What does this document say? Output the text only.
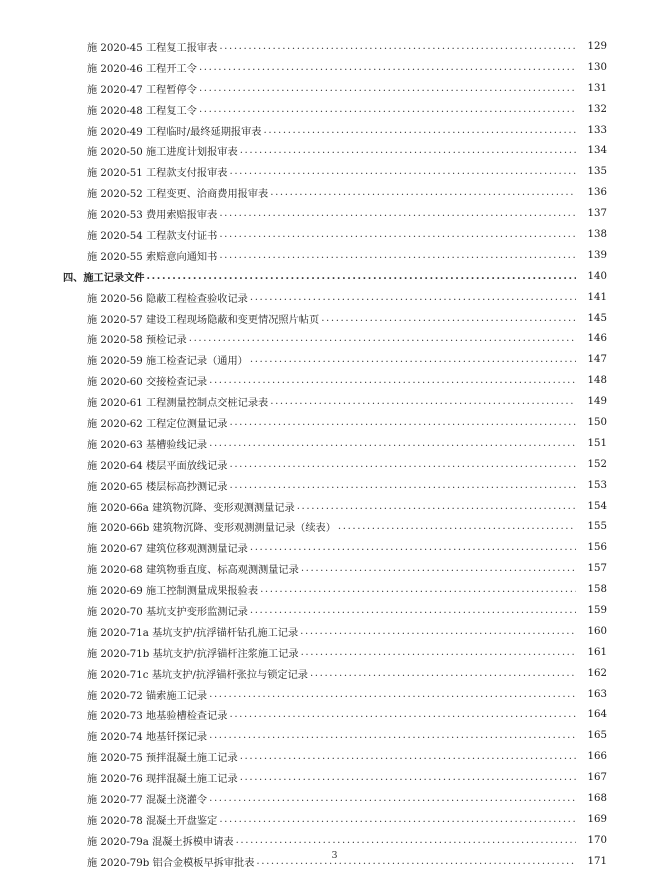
施 2020-45 工程复工报审表 .....	129
施 2020-46 工程开工令 .....	130
施 2020-47 工程暂停令 .....	131
施 2020-48 工程复工令 .....	132
施 2020-49 工程临时/最终延期报审表 .....	133
施 2020-50 施工进度计划报审表 .....	134
施 2020-51 工程款支付报审表 .....	135
施 2020-52 工程变更、洽商费用报审表 .....	136
施 2020-53 费用索赔报审表 .....	137
施 2020-54 工程款支付证书 .....	138
施 2020-55 索赔意向通知书 .....	139
四、施工记录文件 .....	140
施 2020-56 隐蔽工程检查验收记录 .....	141
施 2020-57 建设工程现场隐蔽和变更情况照片帖页 .....	145
施 2020-58 预检记录 .....	146
施 2020-59 施工检查记录（通用） .....	147
施 2020-60 交接检查记录 .....	148
施 2020-61 工程测量控制点交桩记录表 .....	149
施 2020-62 工程定位测量记录 .....	150
施 2020-63 基槽验线记录 .....	151
施 2020-64 楼层平面放线记录 .....	152
施 2020-65 楼层标高抄测记录 .....	153
施 2020-66a 建筑物沉降、变形观测测量记录 .....	154
施 2020-66b 建筑物沉降、变形观测测量记录（续表） .....	155
施 2020-67 建筑位移观测测量记录 .....	156
施 2020-68 建筑物垂直度、标高观测测量记录 .....	157
施 2020-69 施工控制测量成果报验表 .....	158
施 2020-70 基坑支护变形监测记录 .....	159
施 2020-71a 基坑支护/抗浮锚杆钻孔施工记录 .....	160
施 2020-71b 基坑支护/抗浮锚杆注浆施工记录 .....	161
施 2020-71c 基坑支护/抗浮锚杆张拉与锁定记录 .....	162
施 2020-72 锚索施工记录 .....	163
施 2020-73 地基验槽检查记录 .....	164
施 2020-74 地基钎探记录 .....	165
施 2020-75 预拌混凝土施工记录 .....	166
施 2020-76 现拌混凝土施工记录 .....	167
施 2020-77 混凝土浇灌令 .....	168
施 2020-78 混凝土开盘鉴定 .....	169
施 2020-79a 混凝土拆模申请表 .....	170
施 2020-79b 铝合金模板早拆审批表 .....	171
3
